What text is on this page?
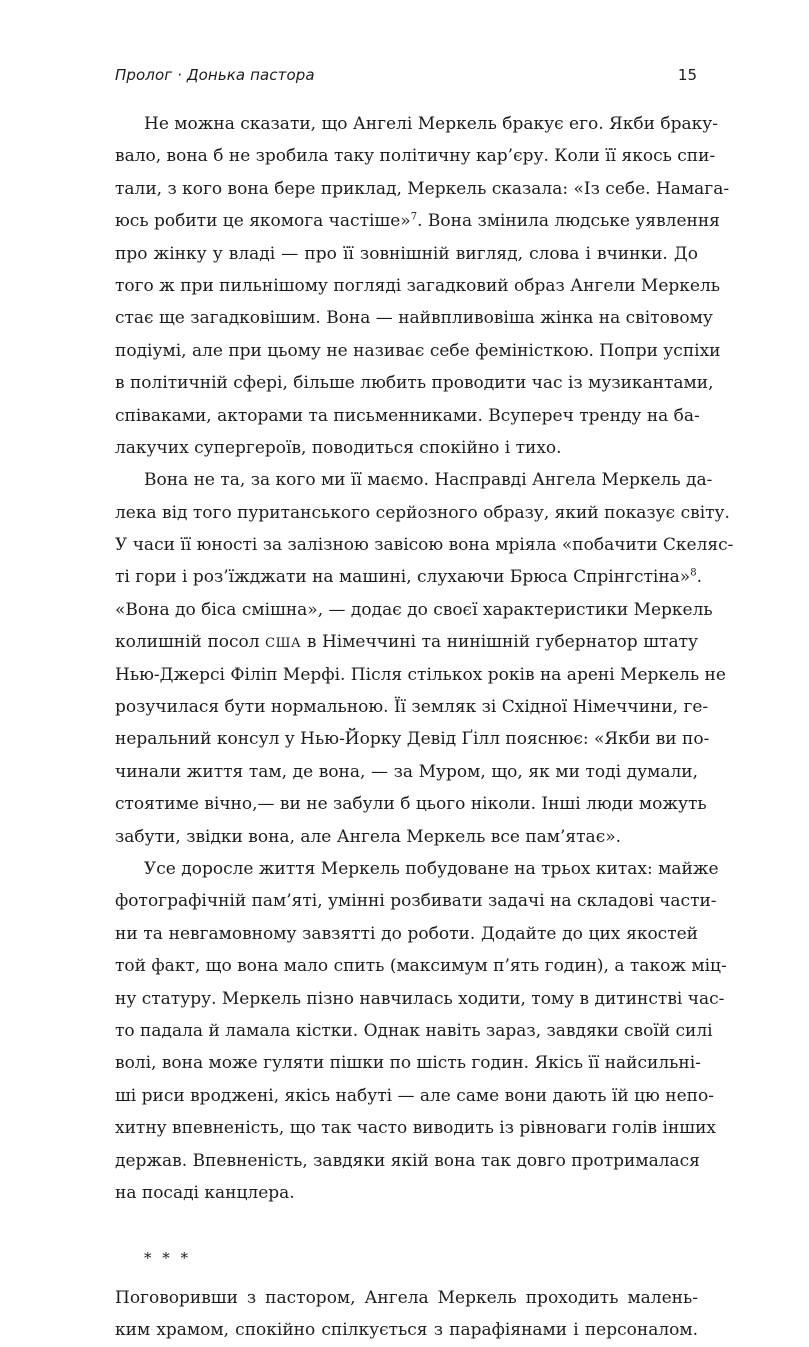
Пролог · Донька пастора	15
Не можна сказати, що Ангелі Меркель бракує его. Якби браку-
вало, вона б не зробила таку політичну кар’єру. Коли її якось спи-
тали, з кого вона бере приклад, Меркель сказала: «Із себе. Намага-
юсь робити це якомога частіше»$^7$. Вона змінила людське уявлення
про жінку у владі — про її зовнішній вигляд, слова і вчинки. До
того ж при пильнішому погляді загадковий образ Ангели Меркель
стає ще загадковішим. Вона — найвпливовіша жінка на світовому
подіумі, але при цьому не називає себе феміністкою. Попри успіхи
в політичній сфері, більше любить проводити час із музикантами,
співаками, акторами та письменниками. Всупереч тренду на ба-
лакучих супергероїв, поводиться спокійно і тихо.
Вона не та, за кого ми її маємо. Насправді Ангела Меркель да-
лека від того пуританського серйозного образу, який показує світу.
У часи її юності за залізною завісою вона мріяла «побачити Скеляс-
ті гори і роз’їжджати на машині, слухаючи Брюса Спрінгстіна»$^8$.
«Вона до біса смішна», — додає до своєї характеристики Меркель
колишній посол США в Німеччині та нинішній губернатор штату
Нью-Джерсі Філіп Мерфі. Після стількох років на арені Меркель не
розучилася бути нормальною. Її земляк зі Східної Німеччини, ге-
неральний консул у Нью-Йорку Девід Ґілл пояснює: «Якби ви по-
чинали життя там, де вона, — за Муром, що, як ми тоді думали,
стоятиме вічно,— ви не забули б цього ніколи. Інші люди можуть
забути, звідки вона, але Ангела Меркель все пам’ятає».
Усе доросле життя Меркель побудоване на трьох китах: майже
фотографічній пам’яті, умінні розбивати задачі на складові части-
ни та невгамовному завзятті до роботи. Додайте до цих якостей
той факт, що вона мало спить (максимум п’ять годин), а також міц-
ну статуру. Меркель пізно навчилась ходити, тому в дитинстві час-
то падала й ламала кістки. Однак навіть зараз, завдяки своїй силі
волі, вона може гуляти пішки по шість годин. Якісь її найсильні-
ші риси вроджені, якісь набуті — але саме вони дають їй цю непо-
хитну впевненість, що так часто виводить із рівноваги голів інших
держав. Впевненість, завдяки якій вона так довго протрималася
на посаді канцлера.
* * *
Поговоривши з пастором, Ангела Меркель проходить малень-
ким храмом, спокійно спілкується з парафіянами і персоналом.
